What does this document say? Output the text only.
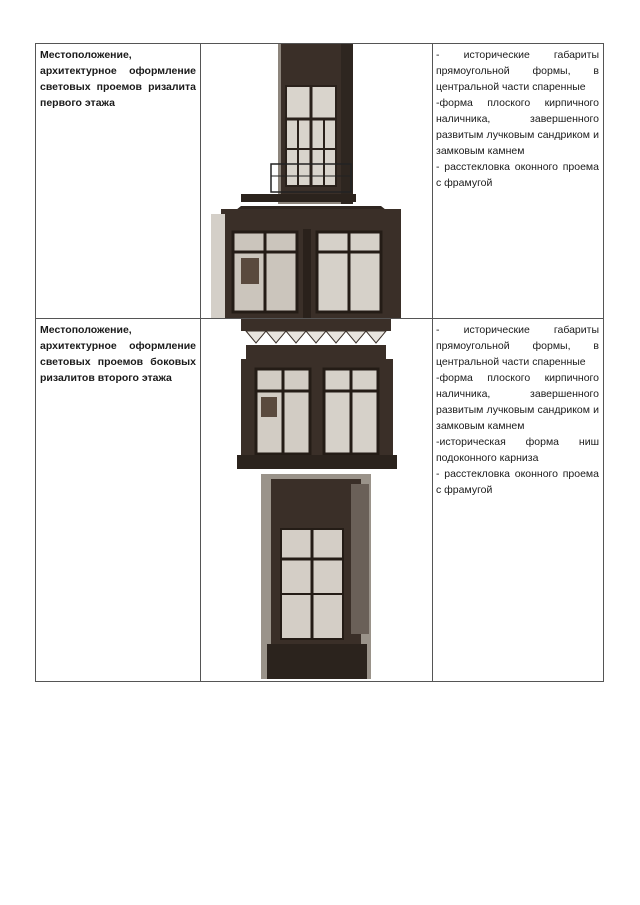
Местоположение, архитектурное оформление световых проемов ризалита первого этажа		- исторические габариты прямоугольной формы, в центральной части спаренные

-форма плоского кирпичного наличника, завершенного развитым лучковым сандриком и замковым камнем

- расстекловка оконного проема с фрамугой

Местоположение, архитектурное оформление световых проемов боковых ризалитов второго этажа		- исторические габариты прямоугольной формы, в центральной части спаренные

-форма плоского кирпичного наличника, завершенного развитым лучковым сандриком и замковым камнем

-историческая форма ниш подоконного карниза

- расстекловка оконного проема с фрамугой
